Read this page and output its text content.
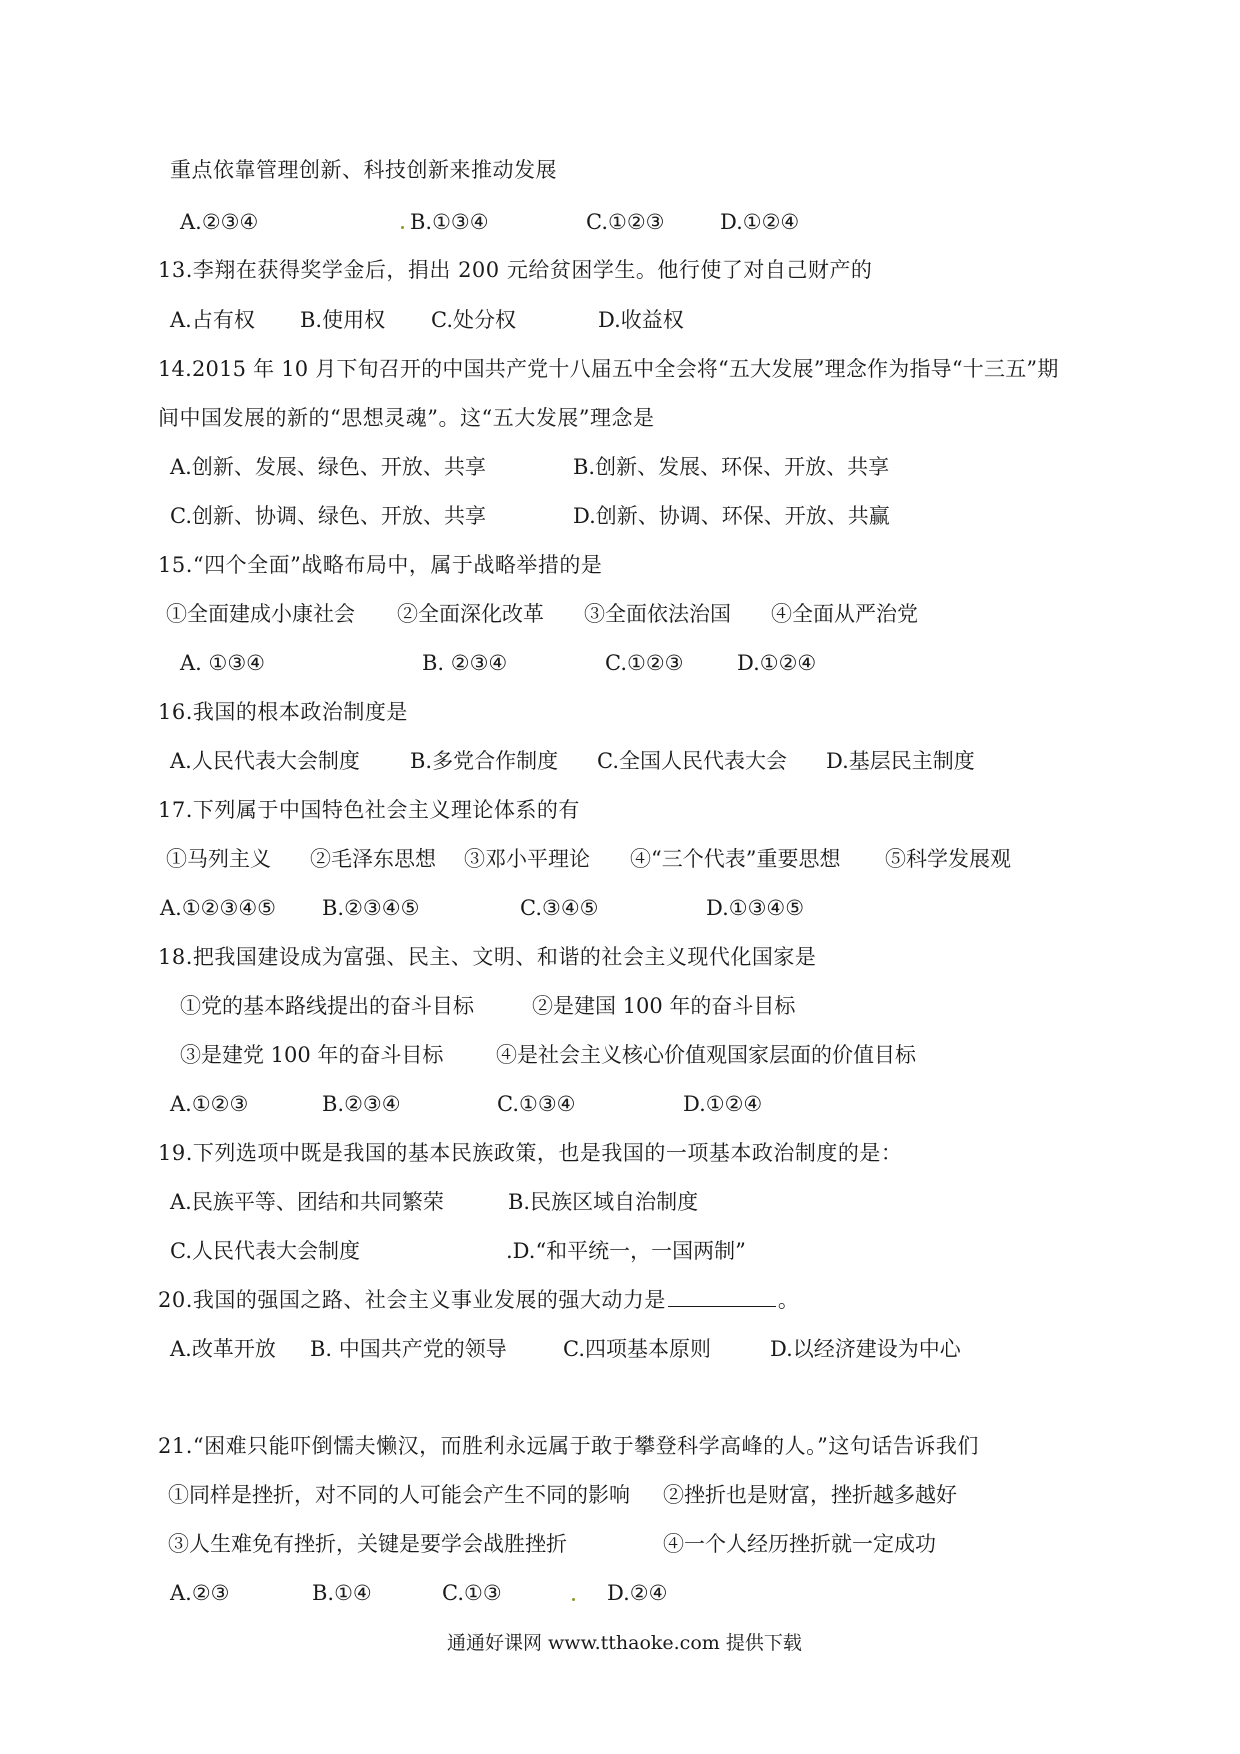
重点依靠管理创新、科技创新来推动发展
A.②③④	B.①③④	C.①②③	D.①②④
13.李翔在获得奖学金后，捐出 200 元给贫困学生。他行使了对自己财产的
A.占有权 B.使用权 C.处分权	D.收益权
14.2015 年 10 月下旬召开的中国共产党十八届五中全会将“五大发展”理念作为指导“十三五”期
间中国发展的新的“思想灵魂”。这“五大发展”理念是
A.创新、发展、绿色、开放、共享	B.创新、发展、环保、开放、共享
C.创新、协调、绿色、开放、共享	D.创新、协调、环保、开放、共赢
15.“四个全面”战略布局中，属于战略举措的是
①全面建成小康社会 ②全面深化改革 ③全面依法治国 ④全面从严治党
A. ①③④	B. ②③④	C.①②③	D.①②④
16.我国的根本政治制度是
A.人民代表大会制度 B.多党合作制度 C.全国人民代表大会 D.基层民主制度
17.下列属于中国特色社会主义理论体系的有
①马列主义 ②毛泽东思想 ③邓小平理论 ④“三个代表”重要思想 ⑤科学发展观
A.①②③④⑤ B.②③④⑤	C.③④⑤	D.①③④⑤
18.把我国建设成为富强、民主、文明、和谐的社会主义现代化国家是
①党的基本路线提出的奋斗目标	②是建国 100 年的奋斗目标
③是建党 100 年的奋斗目标	④是社会主义核心价值观国家层面的价值目标
A.①②③	B.②③④	C.①③④	D.①②④
19.下列选项中既是我国的基本民族政策，也是我国的一项基本政治制度的是：
A.民族平等、团结和共同繁荣	B.民族区域自治制度
C.人民代表大会制度	.D.“和平统一，一国两制”
20.我国的强国之路、社会主义事业发展的强大动力是	。
A.改革开放 B. 中国共产党的领导	C.四项基本原则	D.以经济建设为中心
21.“困难只能吓倒懦夫懒汉，而胜利永远属于敢于攀登科学高峰的人。”这句话告诉我们
①同样是挫折，对不同的人可能会产生不同的影响 ②挫折也是财富，挫折越多越好
③人生难免有挫折，关键是要学会战胜挫折	④一个人经历挫折就一定成功
A.②③	B.①④	C.①③	D.②④
通通好课网 www.tthaoke.com 提供下载
